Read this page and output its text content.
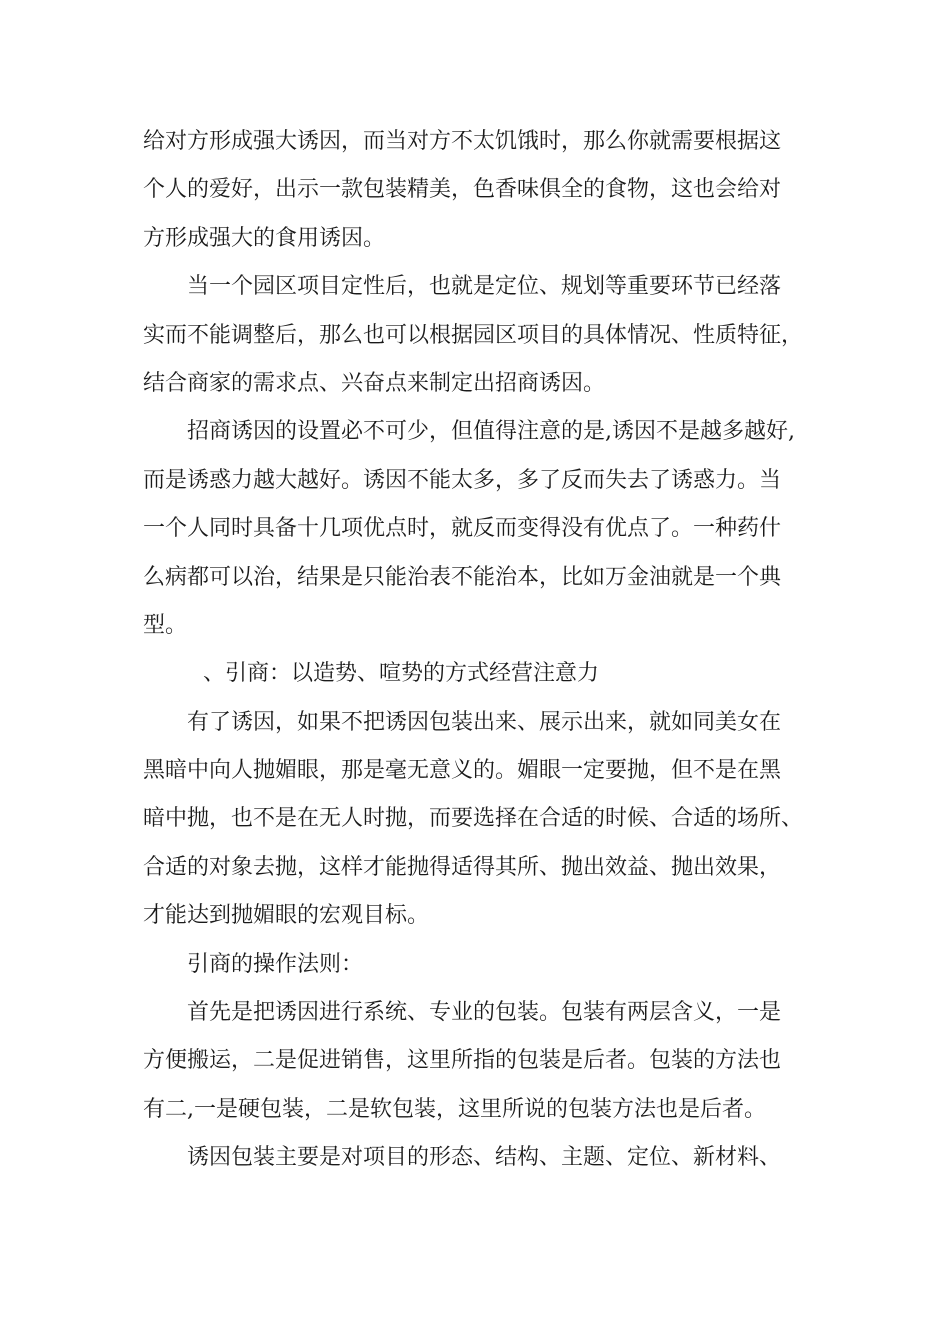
给对方形成强大诱因，而当对方不太饥饿时，那么你就需要根据这
个人的爱好，出示一款包装精美，色香味俱全的食物，这也会给对
方形成强大的食用诱因。
当一个园区项目定性后，也就是定位、规划等重要环节已经落
实而不能调整后，那么也可以根据园区项目的具体情况、性质特征，
结合商家的需求点、兴奋点来制定出招商诱因。
招商诱因的设置必不可少，但值得注意的是,诱因不是越多越好,
而是诱惑力越大越好。诱因不能太多，多了反而失去了诱惑力。当
一个人同时具备十几项优点时，就反而变得没有优点了。一种药什
么病都可以治，结果是只能治表不能治本，比如万金油就是一个典
型。
、引商：以造势、喧势的方式经营注意力
有了诱因，如果不把诱因包装出来、展示出来，就如同美女在
黑暗中向人抛媚眼，那是毫无意义的。媚眼一定要抛，但不是在黑
暗中抛，也不是在无人时抛，而要选择在合适的时候、合适的场所、
合适的对象去抛，这样才能抛得适得其所、抛出效益、抛出效果，
才能达到抛媚眼的宏观目标。
引商的操作法则：
首先是把诱因进行系统、专业的包装。包装有两层含义，一是
方便搬运，二是促进销售，这里所指的包装是后者。包装的方法也
有二,一是硬包装，二是软包装，这里所说的包装方法也是后者。
诱因包装主要是对项目的形态、结构、主题、定位、新材料、
